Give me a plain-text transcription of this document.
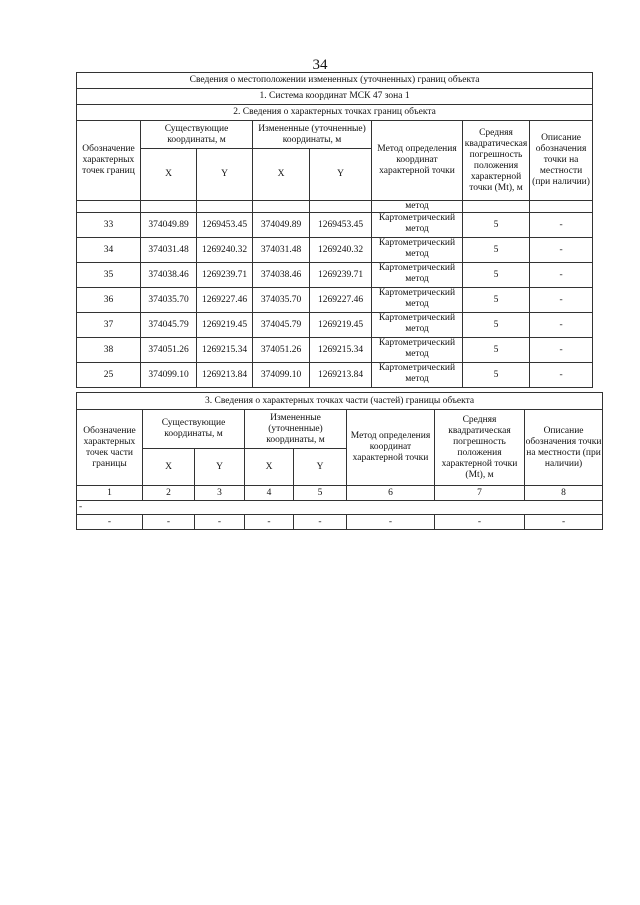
34
Сведения о местоположении измененных (уточненных) границ объекта							
1. Система координат МСК 47 зона 1							
2. Сведения о характерных точках границ объекта							
Обозначение характерных точек границ	Существующие координаты, м		Измененные (уточненные) координаты, м		Метод определения координат характерной точки	Средняя квадратическая погрешность положения характерной точки (Mt), м	Описание обозначения точки на местности (при наличии)
	X	Y	X	Y			
					метод		
33	374049.89	1269453.45	374049.89	1269453.45	Картометрический метод	5	-
34	374031.48	1269240.32	374031.48	1269240.32	Картометрический метод	5	-
35	374038.46	1269239.71	374038.46	1269239.71	Картометрический метод	5	-
36	374035.70	1269227.46	374035.70	1269227.46	Картометрический метод	5	-
37	374045.79	1269219.45	374045.79	1269219.45	Картометрический метод	5	-
38	374051.26	1269215.34	374051.26	1269215.34	Картометрический метод	5	-
25	374099.10	1269213.84	374099.10	1269213.84	Картометрический метод	5	-
3. Сведения о характерных точках части (частей) границы объекта							
Обозначение характерных точек части границы	Существующие координаты, м		Измененные (уточненные) координаты, м		Метод определения координат характерной точки	Средняя квадратическая погрешность положения характерной точки (Mt), м	Описание обозначения точки на местности (при наличии)
	X	Y	X	Y			
1	2	3	4	5	6	7	8
-							
-	-	-	-	-	-	-	-
